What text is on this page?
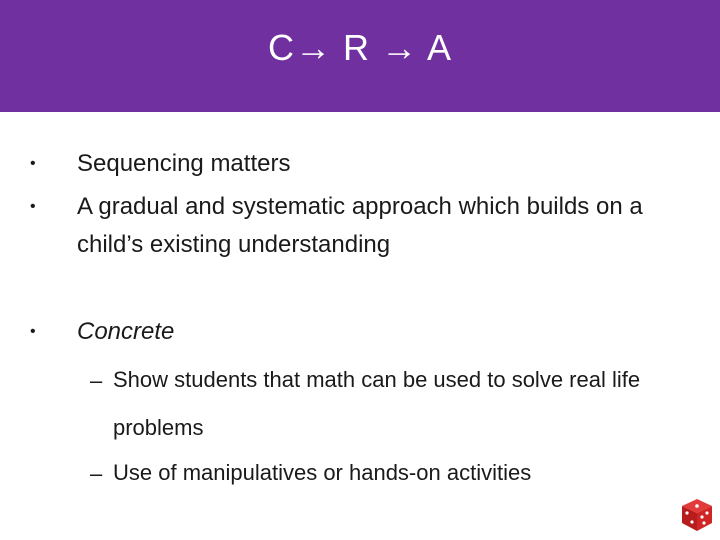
C→ R → A
• Sequencing matters
• A gradual and systematic approach which builds on a child’s existing understanding
• Concrete
– Show students that math can be used to solve real life problems
– Use of manipulatives or hands-on activities
